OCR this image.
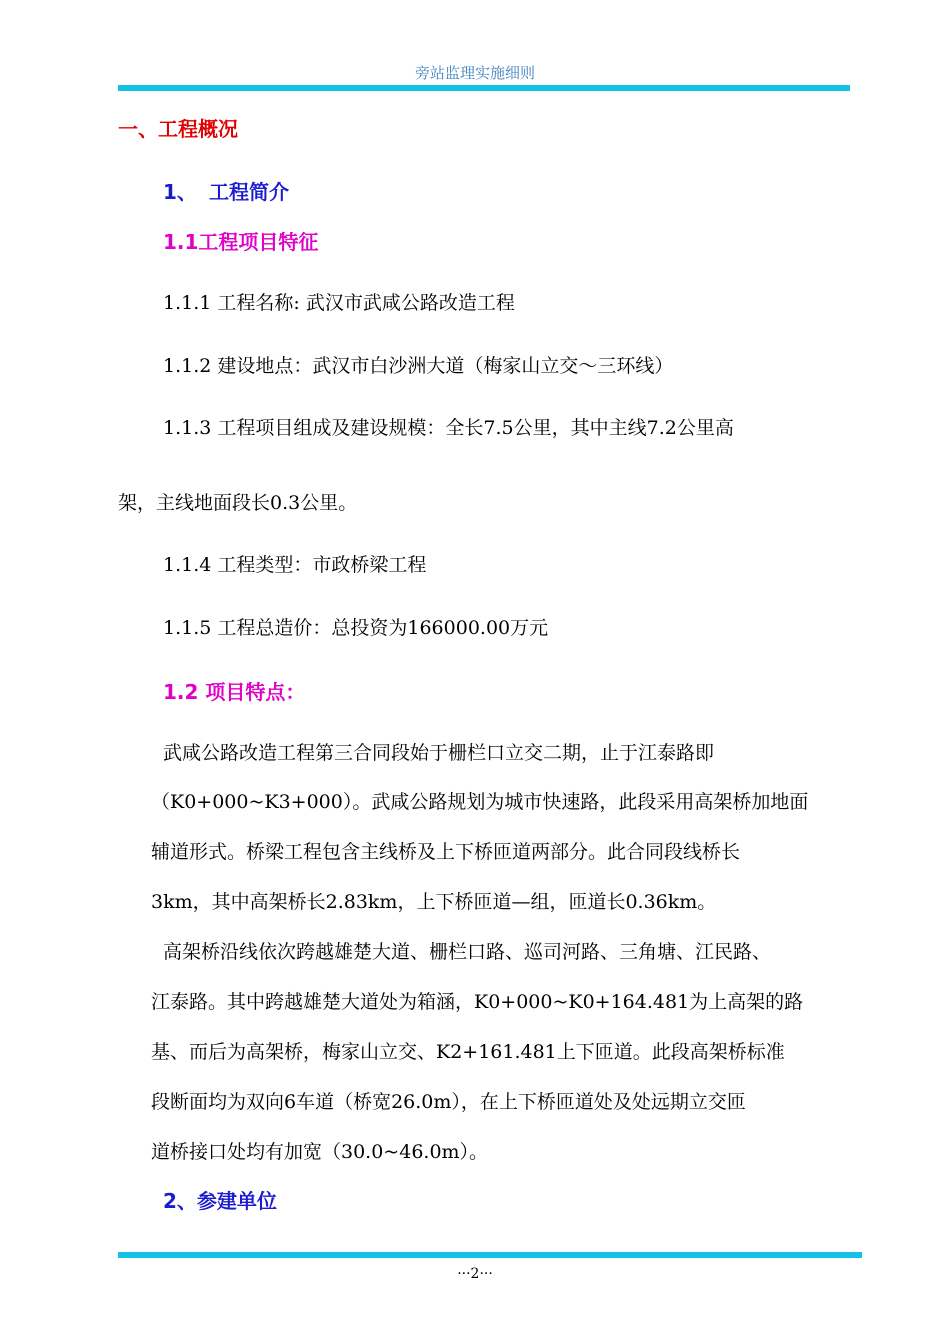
旁站监理实施细则
一、工程概况
1、 工程简介
1.1工程项目特征
1.1.1 工程名称: 武汉市武咸公路改造工程
1.1.2 建设地点：武汉市白沙洲大道（梅家山立交～三环线）
1.1.3 工程项目组成及建设规模：全长7.5公里，其中主线7.2公里高
架，主线地面段长0.3公里。
1.1.4 工程类型：市政桥梁工程
1.1.5 工程总造价：总投资为166000.00万元
1.2 项目特点：
武咸公路改造工程第三合同段始于栅栏口立交二期，止于江泰路即
（K0+000~K3+000）。武咸公路规划为城市快速路，此段采用高架桥加地面
辅道形式。桥梁工程包含主线桥及上下桥匝道两部分。此合同段线桥长
3km，其中高架桥长2.83km，上下桥匝道—组，匝道长0.36km。
高架桥沿线依次跨越雄楚大道、栅栏口路、巡司河路、三角塘、江民路、
江泰路。其中跨越雄楚大道处为箱涵，K0+000~K0+164.481为上高架的路
基、而后为高架桥，梅家山立交、K2+161.481上下匝道。此段高架桥标准
段断面均为双向6车道（桥宽26.0m），在上下桥匝道处及处远期立交匝
道桥接口处均有加宽（30.0~46.0m）。
2、参建单位
···2···
